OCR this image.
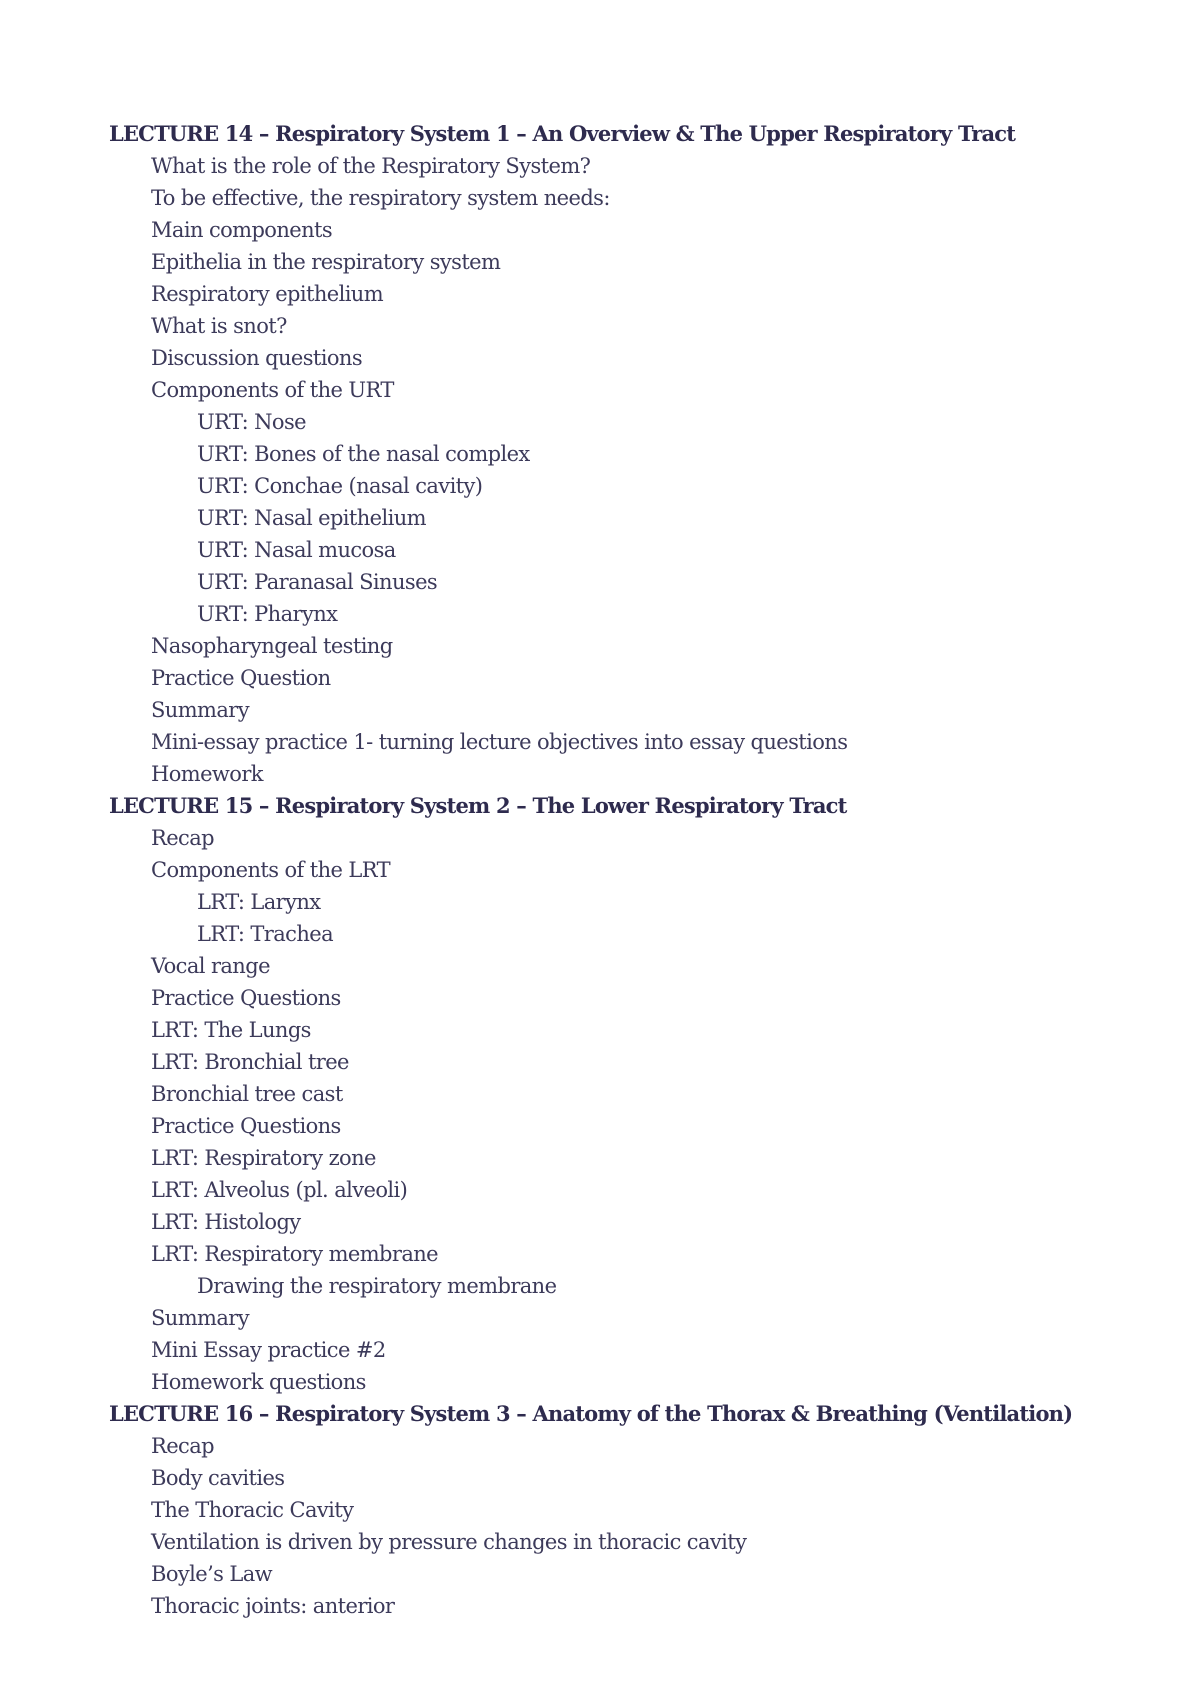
LECTURE 14 – Respiratory System 1 – An Overview & The Upper Respiratory Tract
What is the role of the Respiratory System?
To be effective, the respiratory system needs:
Main components
Epithelia in the respiratory system
Respiratory epithelium
What is snot?
Discussion questions
Components of the URT
URT: Nose
URT: Bones of the nasal complex
URT: Conchae (nasal cavity)
URT: Nasal epithelium
URT: Nasal mucosa
URT: Paranasal Sinuses
URT: Pharynx
Nasopharyngeal testing
Practice Question
Summary
Mini-essay practice 1- turning lecture objectives into essay questions
Homework
LECTURE 15 – Respiratory System 2 – The Lower Respiratory Tract
Recap
Components of the LRT
LRT: Larynx
LRT: Trachea
Vocal range
Practice Questions
LRT: The Lungs
LRT: Bronchial tree
Bronchial tree cast
Practice Questions
LRT: Respiratory zone
LRT: Alveolus (pl. alveoli)
LRT: Histology
LRT: Respiratory membrane
Drawing the respiratory membrane
Summary
Mini Essay practice #2
Homework questions
LECTURE 16 – Respiratory System 3 – Anatomy of the Thorax & Breathing (Ventilation)
Recap
Body cavities
The Thoracic Cavity
Ventilation is driven by pressure changes in thoracic cavity
Boyle’s Law
Thoracic joints: anterior
